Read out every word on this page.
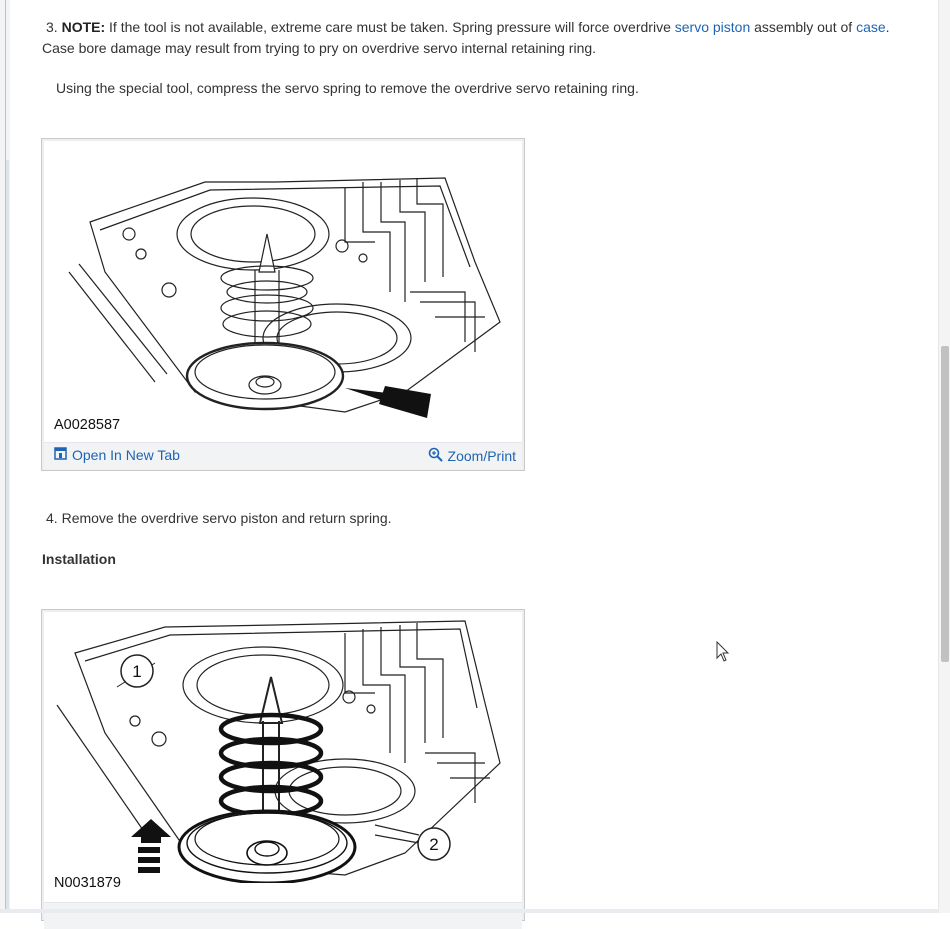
3. NOTE: If the tool is not available, extreme care must be taken. Spring pressure will force overdrive servo piston assembly out of case.
Case bore damage may result from trying to pry on overdrive servo internal retaining ring.
Using the special tool, compress the servo spring to remove the overdrive servo retaining ring.
A0028587
Open In New Tab	Zoom/Print
4. Remove the overdrive servo piston and return spring.
Installation
1
2
N0031879
